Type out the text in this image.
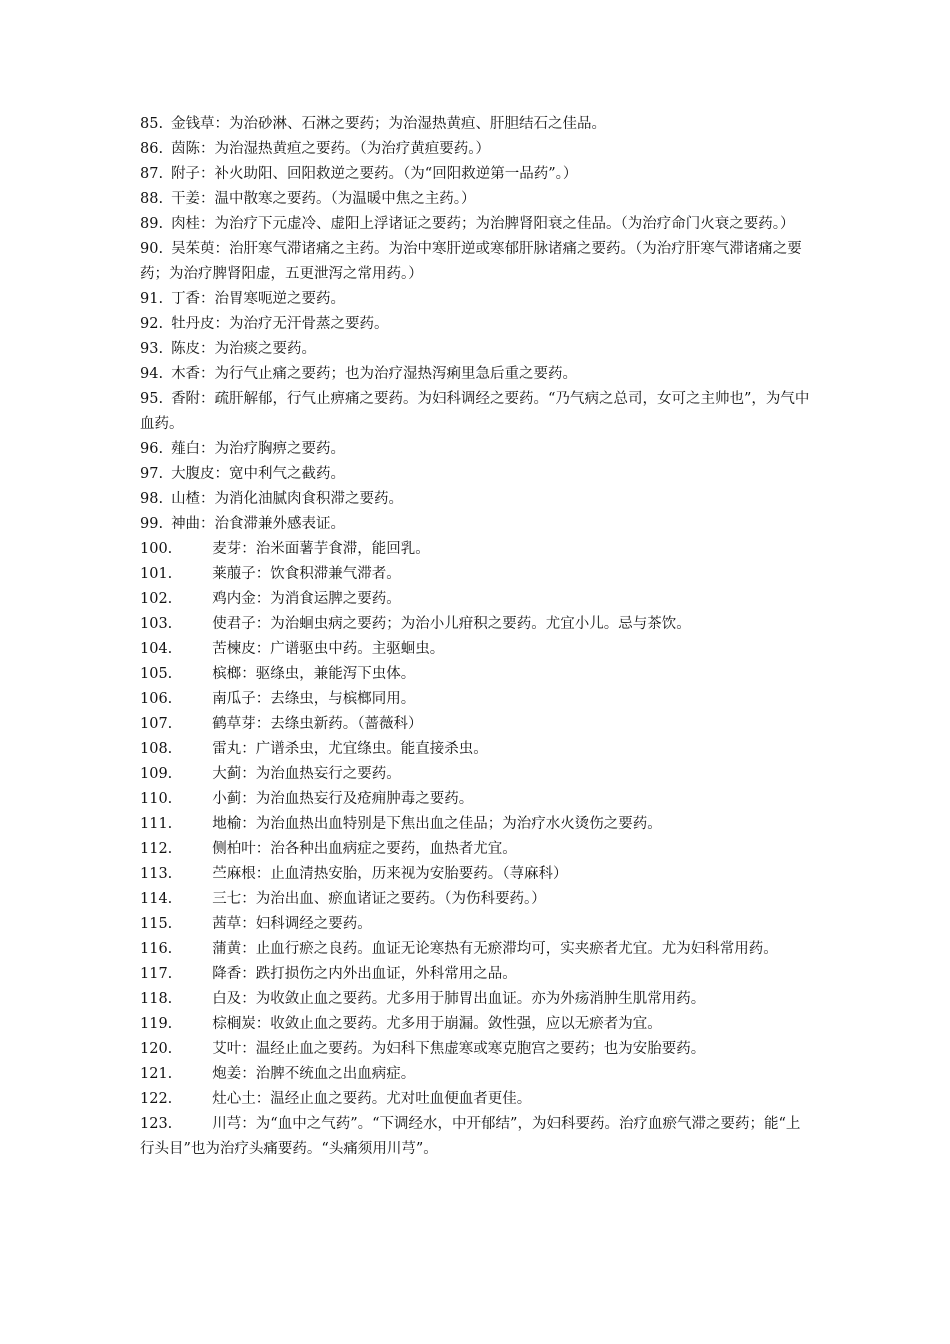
85. 金钱草：为治砂淋、石淋之要药；为治湿热黄疸、肝胆结石之佳品。

86. 茵陈：为治湿热黄疸之要药。（为治疗黄疸要药。）

87. 附子：补火助阳、回阳救逆之要药。（为“回阳救逆第一品药”。）

88. 干姜：温中散寒之要药。（为温暖中焦之主药。）

89. 肉桂：为治疗下元虚冷、虚阳上浮诸证之要药；为治脾肾阳衰之佳品。（为治疗命门火衰之要药。）

90. 吴茱萸：治肝寒气滞诸痛之主药。为治中寒肝逆或寒郁肝脉诸痛之要药。（为治疗肝寒气滞诸痛之要药；为治疗脾肾阳虚，五更泄泻之常用药。）

91. 丁香：治胃寒呃逆之要药。

92. 牡丹皮：为治疗无汗骨蒸之要药。

93. 陈皮：为治痰之要药。

94. 木香：为行气止痛之要药；也为治疗湿热泻痢里急后重之要药。

95. 香附：疏肝解郁，行气止痹痛之要药。为妇科调经之要药。“乃气病之总司，女可之主帅也”，为气中血药。

96. 薤白：为治疗胸痹之要药。

97. 大腹皮：宽中利气之截药。

98. 山楂：为消化油腻肉食积滞之要药。

99. 神曲：治食滞兼外感表证。

100.	麦芽：治米面薯芋食滞，能回乳。

101.	莱菔子：饮食积滞兼气滞者。

102.	鸡内金：为消食运脾之要药。

103.	使君子：为治蛔虫病之要药；为治小儿疳积之要药。尤宜小儿。忌与茶饮。

104.	苦楝皮：广谱驱虫中药。主驱蛔虫。

105.	槟榔：驱绦虫，兼能泻下虫体。

106.	南瓜子：去绦虫，与槟榔同用。

107.	鹤草芽：去绦虫新药。（蔷薇科）

108.	雷丸：广谱杀虫，尤宜绦虫。能直接杀虫。

109.	大蓟：为治血热妄行之要药。

110.	小蓟：为治血热妄行及疮痈肿毒之要药。

111.	地榆：为治血热出血特别是下焦出血之佳品；为治疗水火烫伤之要药。

112.	侧柏叶：治各种出血病症之要药，血热者尤宜。

113.	苎麻根：止血清热安胎，历来视为安胎要药。（荨麻科）

114.	三七：为治出血、瘀血诸证之要药。（为伤科要药。）

115.	茜草：妇科调经之要药。

116.	蒲黄：止血行瘀之良药。血证无论寒热有无瘀滞均可，实夹瘀者尤宜。尤为妇科常用药。

117.	降香：跌打损伤之内外出血证，外科常用之品。

118.	白及：为收敛止血之要药。尤多用于肺胃出血证。亦为外疡消肿生肌常用药。

119.	棕榈炭：收敛止血之要药。尤多用于崩漏。敛性强，应以无瘀者为宜。

120.	艾叶：温经止血之要药。为妇科下焦虚寒或寒克胞宫之要药；也为安胎要药。

121.	炮姜：治脾不统血之出血病症。

122.	灶心土：温经止血之要药。尤对吐血便血者更佳。

123.	川芎：为“血中之气药”。“下调经水，中开郁结”，为妇科要药。治疗血瘀气滞之要药；能“上行头目”也为治疗头痛要药。“头痛须用川芎”。
